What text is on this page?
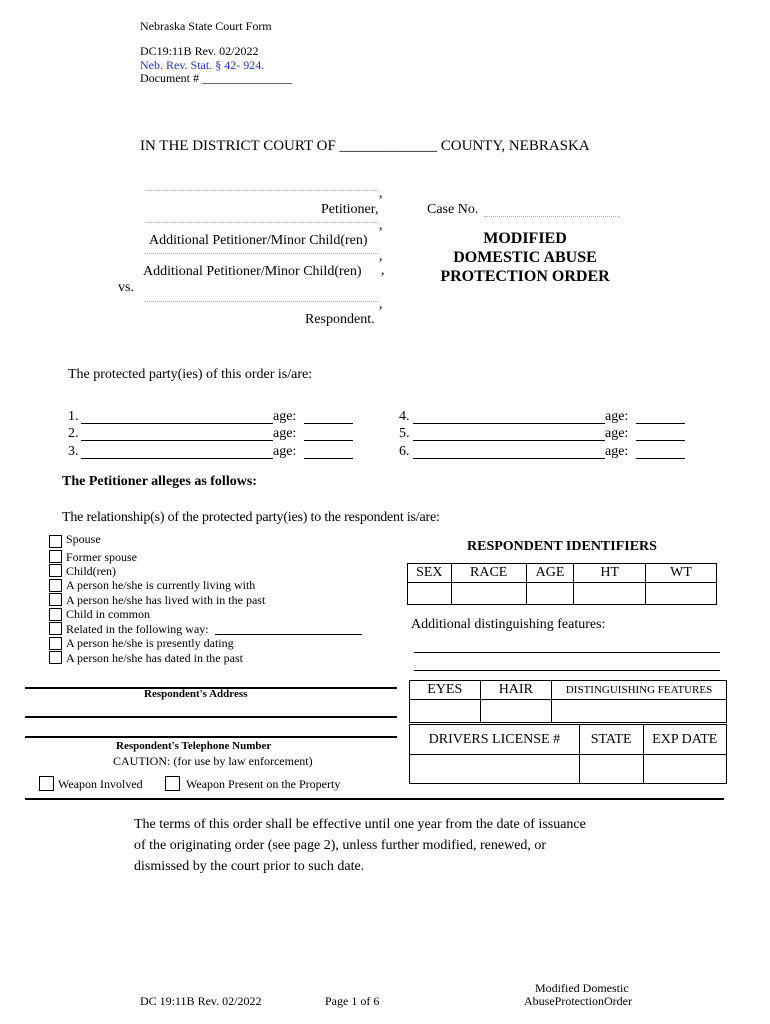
Nebraska State Court Form
DC19:11B Rev. 02/2022
Neb. Rev. Stat. § 42- 924.
Document # _______________
IN THE DISTRICT COURT OF _____________ COUNTY, NEBRASKA
,
Petitioner,
,
Additional Petitioner/Minor Child(ren)
,
Additional Petitioner/Minor Child(ren) ,
vs.
,
Respondent.
Case No.
MODIFIED
DOMESTIC ABUSE
PROTECTION ORDER
The protected party(ies) of this order is/are:
1.	age:
2.	age:
3.	age:
4.	age:
5.	age:
6.	age:
The Petitioner alleges as follows:
The relationship(s) of the protected party(ies) to the respondent is/are:
Spouse
Former spouse
Child(ren)
A person he/she is currently living with
A person he/she has lived with in the past
Child in common
Related in the following way:
A person he/she is presently dating
A person he/she has dated in the past
RESPONDENT IDENTIFIERS
SEX	RACE	AGE	HT	WT

Additional distinguishing features:
EYES	HAIR	DISTINGUISHING FEATURES

DRIVERS LICENSE #	STATE	EXP DATE

Respondent's Address
Respondent's Telephone Number
CAUTION: (for use by law enforcement)
Weapon Involved	Weapon Present on the Property
The terms of this order shall be effective until one year from the date of issuance
of the originating order (see page 2), unless further modified, renewed, or
dismissed by the court prior to such date.
DC 19:11B Rev. 02/2022	Page 1 of 6
Modified Domestic
AbuseProtectionOrder
